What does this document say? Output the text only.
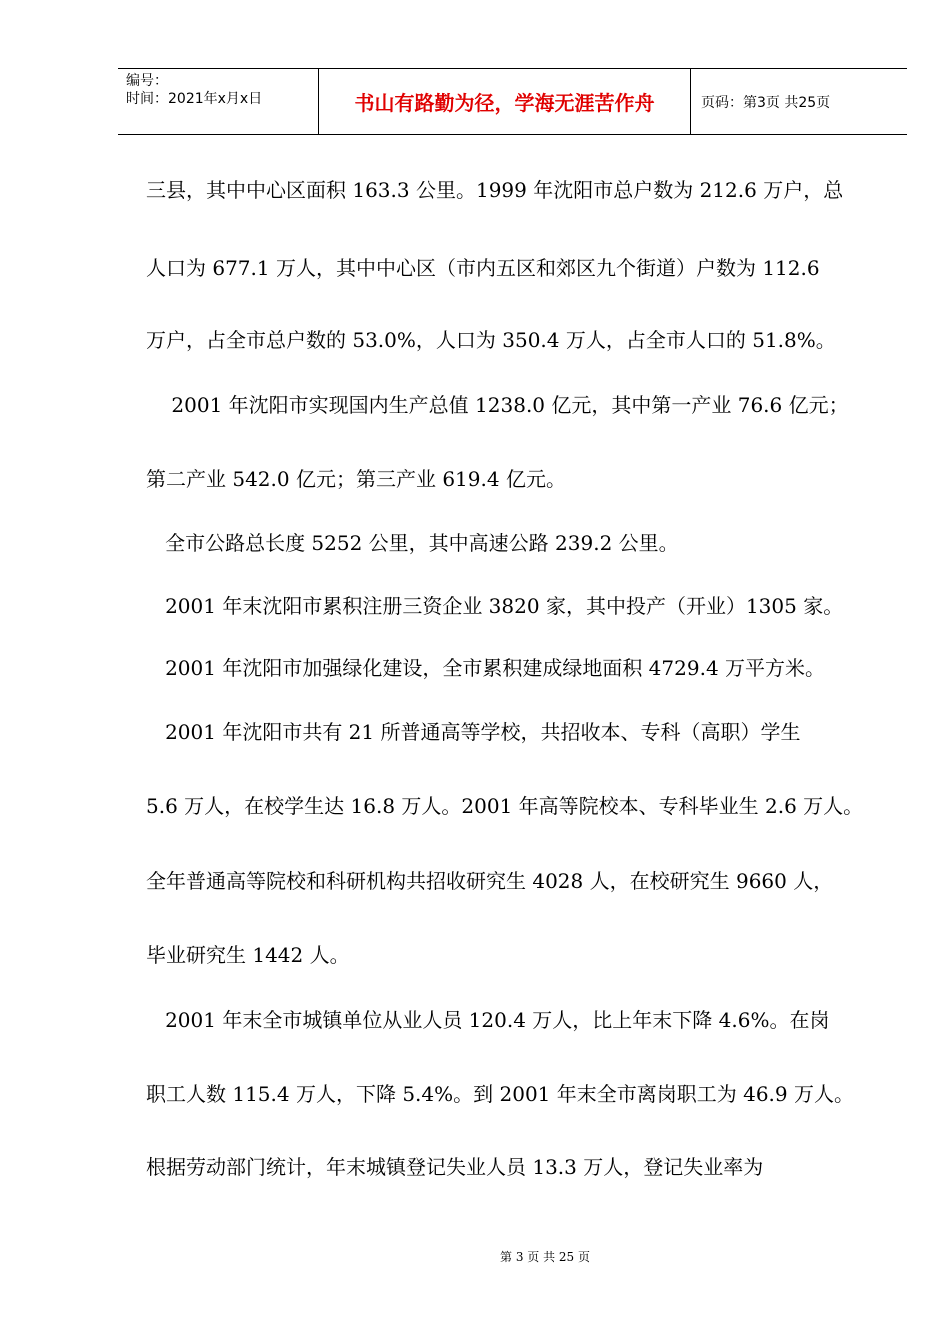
编号：
时间：2021年x月x日	书山有路勤为径，学海无涯苦作舟	页码：第3页 共25页
三县，其中中心区面积 163.3 公里。1999 年沈阳市总户数为 212.6 万户，总
人口为 677.1 万人，其中中心区（市内五区和郊区九个街道）户数为 112.6
万户，占全市总户数的 53.0%，人口为 350.4 万人，占全市人口的 51.8%。
2001 年沈阳市实现国内生产总值 1238.0 亿元，其中第一产业 76.6 亿元；
第二产业 542.0 亿元；第三产业 619.4 亿元。
全市公路总长度 5252 公里，其中高速公路 239.2 公里。
2001 年末沈阳市累积注册三资企业 3820 家，其中投产（开业）1305 家。
2001 年沈阳市加强绿化建设，全市累积建成绿地面积 4729.4 万平方米。
2001 年沈阳市共有 21 所普通高等学校，共招收本、专科（高职）学生
5.6 万人，在校学生达 16.8 万人。2001 年高等院校本、专科毕业生 2.6 万人。
全年普通高等院校和科研机构共招收研究生 4028 人，在校研究生 9660 人，
毕业研究生 1442 人。
2001 年末全市城镇单位从业人员 120.4 万人，比上年末下降 4.6%。在岗
职工人数 115.4 万人，下降 5.4%。到 2001 年末全市离岗职工为 46.9 万人。
根据劳动部门统计，年末城镇登记失业人员 13.3 万人，登记失业率为
第 3 页 共 25 页
